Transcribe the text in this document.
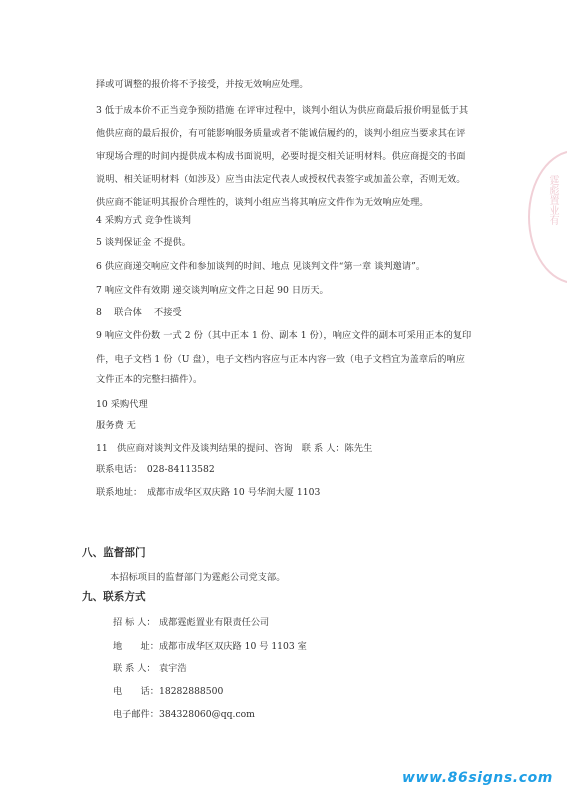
择或可调整的报价将不予接受，并按无效响应处理。
3 低于成本价不正当竞争预防措施 在评审过程中，谈判小组认为供应商最后报价明显低于其
他供应商的最后报价，有可能影响服务质量或者不能诚信履约的，谈判小组应当要求其在评
审现场合理的时间内提供成本构成书面说明，必要时提交相关证明材料。供应商提交的书面
说明、相关证明材料（如涉及）应当由法定代表人或授权代表签字或加盖公章，否则无效。
供应商不能证明其报价合理性的，谈判小组应当将其响应文件作为无效响应处理。
4 采购方式 竞争性谈判
5 谈判保证金 不提供。
6 供应商递交响应文件和参加谈判的时间、地点 见谈判文件“第一章 谈判邀请”。
7 响应文件有效期 递交谈判响应文件之日起 90 日历天。
8　 联合体 　不接受
9 响应文件份数 一式 2 份（其中正本 1 份、副本 1 份），响应文件的副本可采用正本的复印
件，电子文档 1 份（U 盘），电子文档内容应与正本内容一致（电子文档宜为盖章后的响应
文件正本的完整扫描件）。
10 采购代理
服务费 无
11　供应商对谈判文件及谈判结果的提问、咨询　联 系 人：陈先生
联系电话：　028-84113582
联系地址：　成都市成华区双庆路 10 号华润大厦 1103
八、监督部门
本招标项目的监督部门为霆彪公司党支部。
九、联系方式
招 标 人： 成都霆彪置业有限责任公司
地　　址：成都市成华区双庆路 10 号 1103 室
联 系 人： 袁宇浩
电　　话：18282888500
电子邮件：384328060@qq.com
霆彪置业有
www.86signs.com
